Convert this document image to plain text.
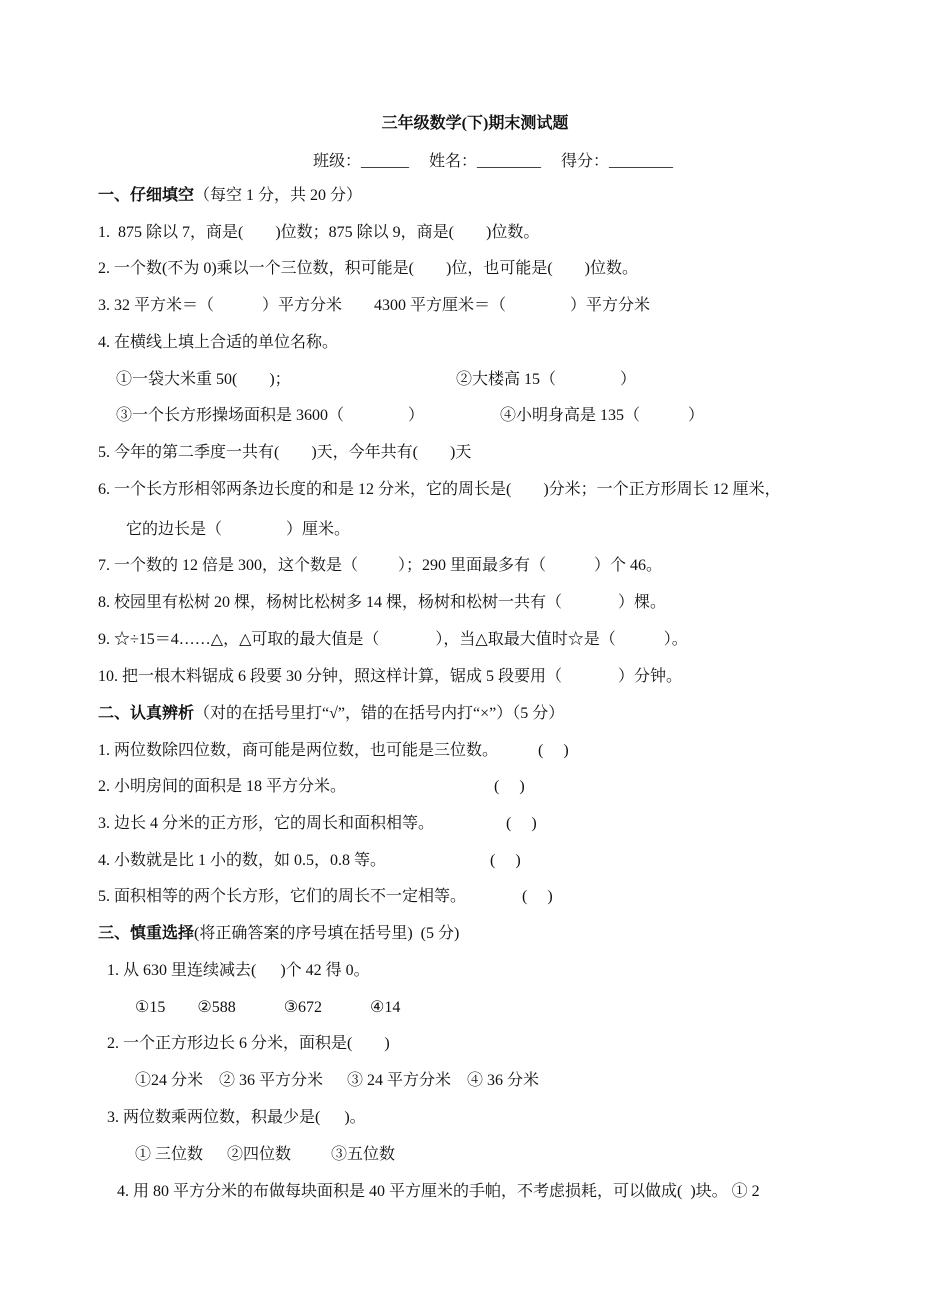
三年级数学(下)期末测试题
班级：______     姓名：________     得分：________
一、仔细填空（每空 1 分，共 20 分）
1.  875 除以 7，商是(        )位数；875 除以 9，商是(        )位数。
2. 一个数(不为 0)乘以一个三位数，积可能是(        )位，也可能是(        )位数。
3. 32 平方米＝（            ）平方分米        4300 平方厘米＝（                ）平方分米
4. 在横线上填上合适的单位名称。
①一袋大米重 50(        )；	②大楼高 15（                ）
③一个长方形操场面积是 3600（                ）	④小明身高是 135（            ）
5. 今年的第二季度一共有(        )天，今年共有(        )天
6. 一个长方形相邻两条边长度的和是 12 分米，它的周长是(        )分米；一个正方形周长 12 厘米，
它的边长是（                ）厘米。
7. 一个数的 12 倍是 300，这个数是（          ）；290 里面最多有（            ）个 46。
8. 校园里有松树 20 棵，杨树比松树多 14 棵，杨树和松树一共有（              ）棵。
9. ☆÷15＝4……△，△可取的最大值是（              ），当△取最大值时☆是（            ）。
10. 把一根木料锯成 6 段要 30 分钟，照这样计算，锯成 5 段要用（              ）分钟。
二、认真辨析（对的在括号里打“√”，错的在括号内打“×”）（5 分）
1. 两位数除四位数，商可能是两位数，也可能是三位数。          (     )
2. 小明房间的面积是 18 平方分米。                                     (     )
3. 边长 4 分米的正方形，它的周长和面积相等。                  (     )
4. 小数就是比 1 小的数，如 0.5，0.8 等。                          (     )
5. 面积相等的两个长方形，它们的周长不一定相等。              (     )
三、慎重选择(将正确答案的序号填在括号里)  (5 分)
1. 从 630 里连续减去(      )个 42 得 0。
①15        ②588            ③672            ④14
2. 一个正方形边长 6 分米，面积是(        )
①24 分米    ② 36 平方分米      ③ 24 平方分米    ④ 36 分米
3. 两位数乘两位数，积最少是(      )。
① 三位数      ②四位数          ③五位数
4. 用 80 平方分米的布做每块面积是 40 平方厘米的手帕，不考虑损耗，可以做成(  )块。 ① 2
